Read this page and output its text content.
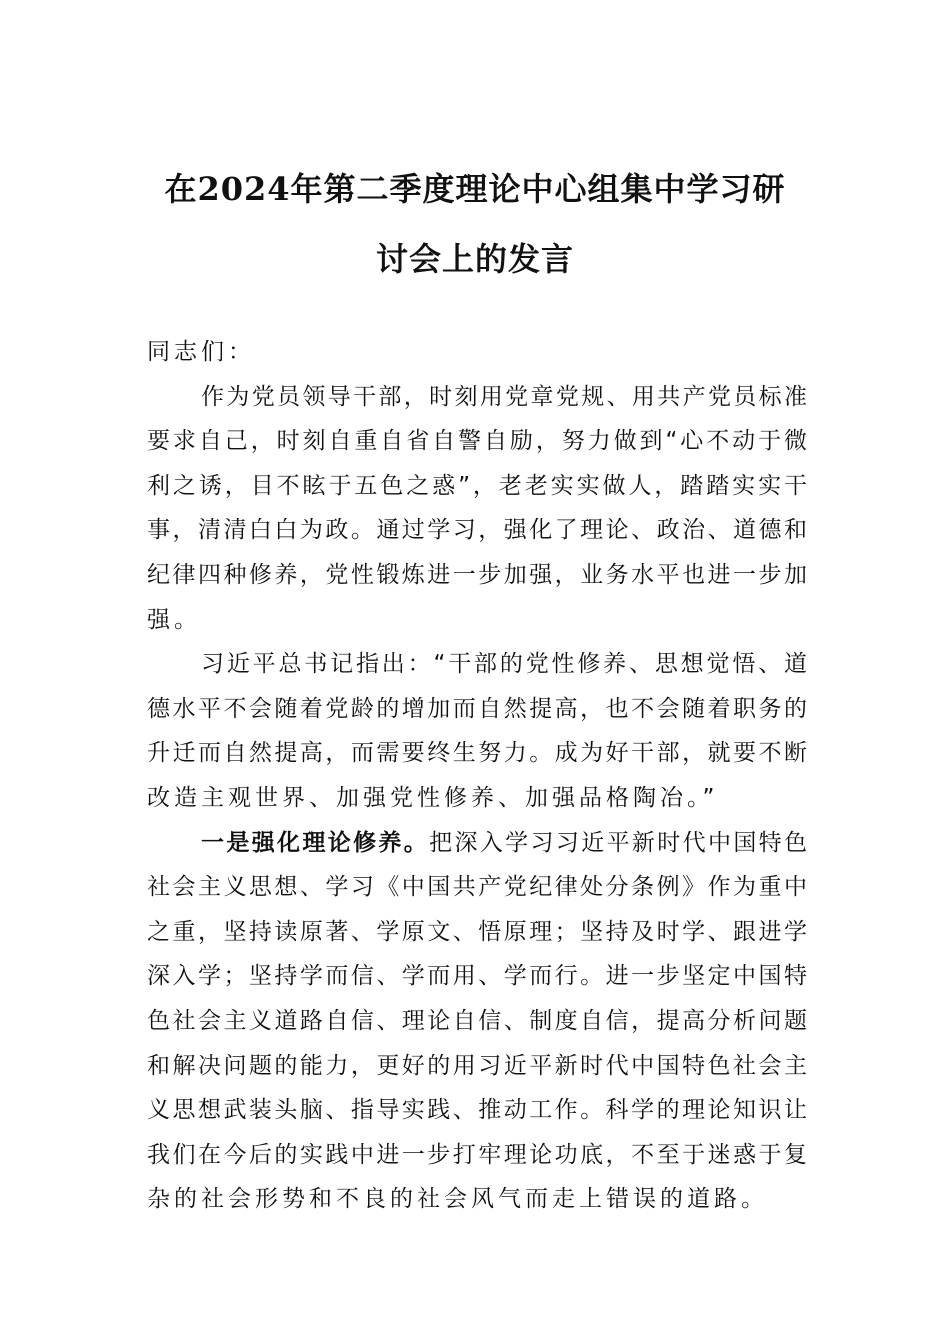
在2024年第二季度理论中心组集中学习研
讨会上的发言
同志们：
作为党员领导干部，时刻用党章党规、用共产党员标准
要求自己，时刻自重自省自警自励，努力做到“心不动于微
利之诱，目不眩于五色之惑”，老老实实做人，踏踏实实干
事，清清白白为政。通过学习，强化了理论、政治、道德和
纪律四种修养，党性锻炼进一步加强，业务水平也进一步加
强。
习近平总书记指出：“干部的党性修养、思想觉悟、道
德水平不会随着党龄的增加而自然提高，也不会随着职务的
升迁而自然提高，而需要终生努力。成为好干部，就要不断
改造主观世界、加强党性修养、加强品格陶冶。”
一是强化理论修养。把深入学习习近平新时代中国特色
社会主义思想、学习《中国共产党纪律处分条例》作为重中
之重，坚持读原著、学原文、悟原理；坚持及时学、跟进学
深入学；坚持学而信、学而用、学而行。进一步坚定中国特
色社会主义道路自信、理论自信、制度自信，提高分析问题
和解决问题的能力，更好的用习近平新时代中国特色社会主
义思想武装头脑、指导实践、推动工作。科学的理论知识让
我们在今后的实践中进一步打牢理论功底，不至于迷惑于复
杂的社会形势和不良的社会风气而走上错误的道路。
